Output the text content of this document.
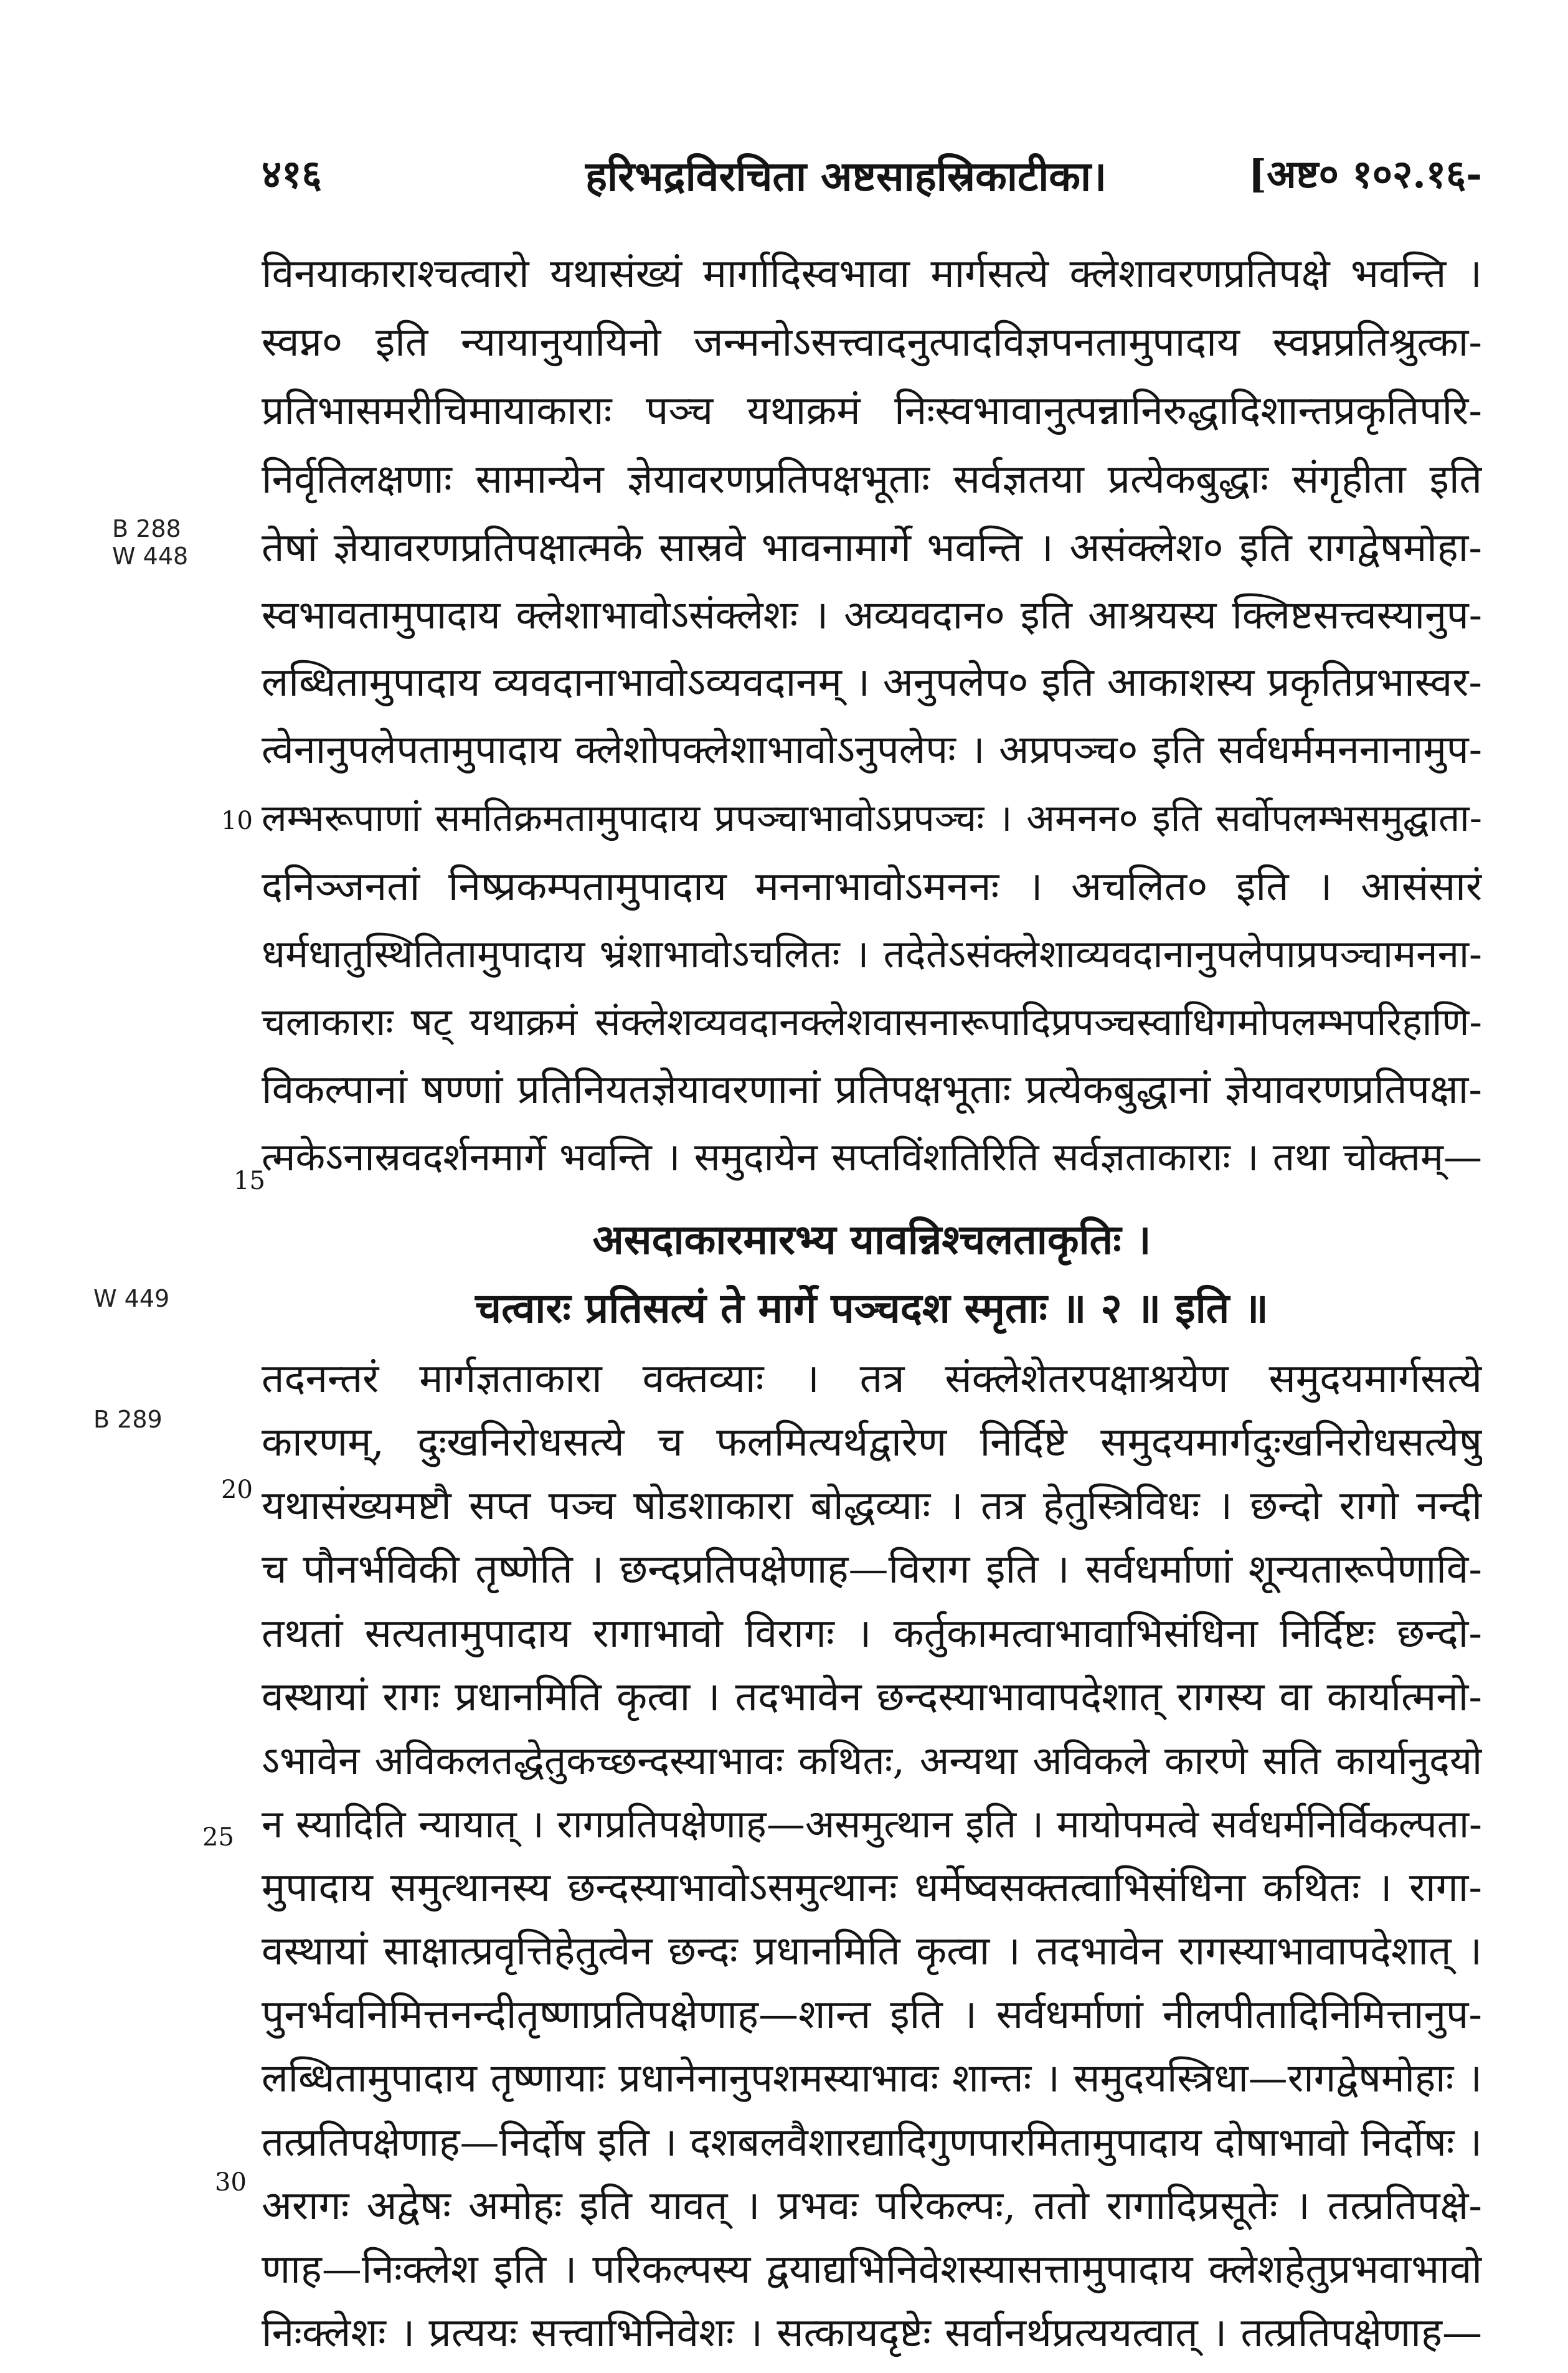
४१६	हरिभद्रविरचिता अष्टसाहस्रिकाटीका।	[अष्ट० १०२.१६-
B 288
W 448
W 449
B 289
10
15
20
25
30
विनयाकाराश्चत्वारो यथासंख्यं मार्गादिस्वभावा मार्गसत्ये क्लेशावरणप्रतिपक्षे भवन्ति ।
स्वप्न० इति न्यायानुयायिनो जन्मनोऽसत्त्वादनुत्पादविज्ञपनतामुपादाय स्वप्नप्रतिश्रुत्का-
प्रतिभासमरीचिमायाकाराः पञ्च यथाक्रमं निःस्वभावानुत्पन्नानिरुद्धादिशान्तप्रकृतिपरि-
निर्वृतिलक्षणाः सामान्येन ज्ञेयावरणप्रतिपक्षभूताः सर्वज्ञतया प्रत्येकबुद्धाः संगृहीता इति
तेषां ज्ञेयावरणप्रतिपक्षात्मके सास्रवे भावनामार्गे भवन्ति । असंक्लेश० इति रागद्वेषमोहा-
स्वभावतामुपादाय क्लेशाभावोऽसंक्लेशः । अव्यवदान० इति आश्रयस्य क्लिष्टसत्त्वस्यानुप-
लब्धितामुपादाय व्यवदानाभावोऽव्यवदानम् । अनुपलेप० इति आकाशस्य प्रकृतिप्रभास्वर-
त्वेनानुपलेपतामुपादाय क्लेशोपक्लेशाभावोऽनुपलेपः । अप्रपञ्च० इति सर्वधर्ममननानामुप-
लम्भरूपाणां समतिक्रमतामुपादाय प्रपञ्चाभावोऽप्रपञ्चः । अमनन० इति सर्वोपलम्भसमुद्घाता-
दनिञ्जनतां निष्प्रकम्पतामुपादाय मननाभावोऽमननः । अचलित० इति । आसंसारं
धर्मधातुस्थितितामुपादाय भ्रंशाभावोऽचलितः । तदेतेऽसंक्लेशाव्यवदानानुपलेपाप्रपञ्चामनना-
चलाकाराः षट् यथाक्रमं संक्लेशव्यवदानक्लेशवासनारूपादिप्रपञ्चस्वाधिगमोपलम्भपरिहाणि-
विकल्पानां षण्णां प्रतिनियतज्ञेयावरणानां प्रतिपक्षभूताः प्रत्येकबुद्धानां ज्ञेयावरणप्रतिपक्षा-
त्मकेऽनास्रवदर्शनमार्गे भवन्ति । समुदायेन सप्तविंशतिरिति सर्वज्ञताकाराः । तथा चोक्तम्—
असदाकारमारभ्य यावन्निश्चलताकृतिः ।
चत्वारः प्रतिसत्यं ते मार्गे पञ्चदश स्मृताः ॥ २ ॥ इति ॥
तदनन्तरं मार्गज्ञताकारा वक्तव्याः । तत्र संक्लेशेतरपक्षाश्रयेण समुदयमार्गसत्ये
कारणम्, दुःखनिरोधसत्ये च फलमित्यर्थद्वारेण निर्दिष्टे समुदयमार्गदुःखनिरोधसत्येषु
यथासंख्यमष्टौ सप्त पञ्च षोडशाकारा बोद्धव्याः । तत्र हेतुस्त्रिविधः । छन्दो रागो नन्दी
च पौनर्भविकी तृष्णेति । छन्दप्रतिपक्षेणाह—विराग इति । सर्वधर्माणां शून्यतारूपेणावि-
तथतां सत्यतामुपादाय रागाभावो विरागः । कर्तुकामत्वाभावाभिसंधिना निर्दिष्टः छन्दो-
वस्थायां रागः प्रधानमिति कृत्वा । तदभावेन छन्दस्याभावापदेशात् रागस्य वा कार्यात्मनो-
ऽभावेन अविकलतद्धेतुकच्छन्दस्याभावः कथितः, अन्यथा अविकले कारणे सति कार्यानुदयो
न स्यादिति न्यायात् । रागप्रतिपक्षेणाह—असमुत्थान इति । मायोपमत्वे सर्वधर्मनिर्विकल्पता-
मुपादाय समुत्थानस्य छन्दस्याभावोऽसमुत्थानः धर्मेष्वसक्तत्वाभिसंधिना कथितः । रागा-
वस्थायां साक्षात्प्रवृत्तिहेतुत्वेन छन्दः प्रधानमिति कृत्वा । तदभावेन रागस्याभावापदेशात् ।
पुनर्भवनिमित्तनन्दीतृष्णाप्रतिपक्षेणाह—शान्त इति । सर्वधर्माणां नीलपीतादिनिमित्तानुप-
लब्धितामुपादाय तृष्णायाः प्रधानेनानुपशमस्याभावः शान्तः । समुदयस्त्रिधा—रागद्वेषमोहाः ।
तत्प्रतिपक्षेणाह—निर्दोष इति । दशबलवैशारद्यादिगुणपारमितामुपादाय दोषाभावो निर्दोषः ।
अरागः अद्वेषः अमोहः इति यावत् । प्रभवः परिकल्पः, ततो रागादिप्रसूतेः । तत्प्रतिपक्षे-
णाह—निःक्लेश इति । परिकल्पस्य द्वयाद्यभिनिवेशस्यासत्तामुपादाय क्लेशहेतुप्रभवाभावो
निःक्लेशः । प्रत्ययः सत्त्वाभिनिवेशः । सत्कायदृष्टेः सर्वानर्थप्रत्ययत्वात् । तत्प्रतिपक्षेणाह—
